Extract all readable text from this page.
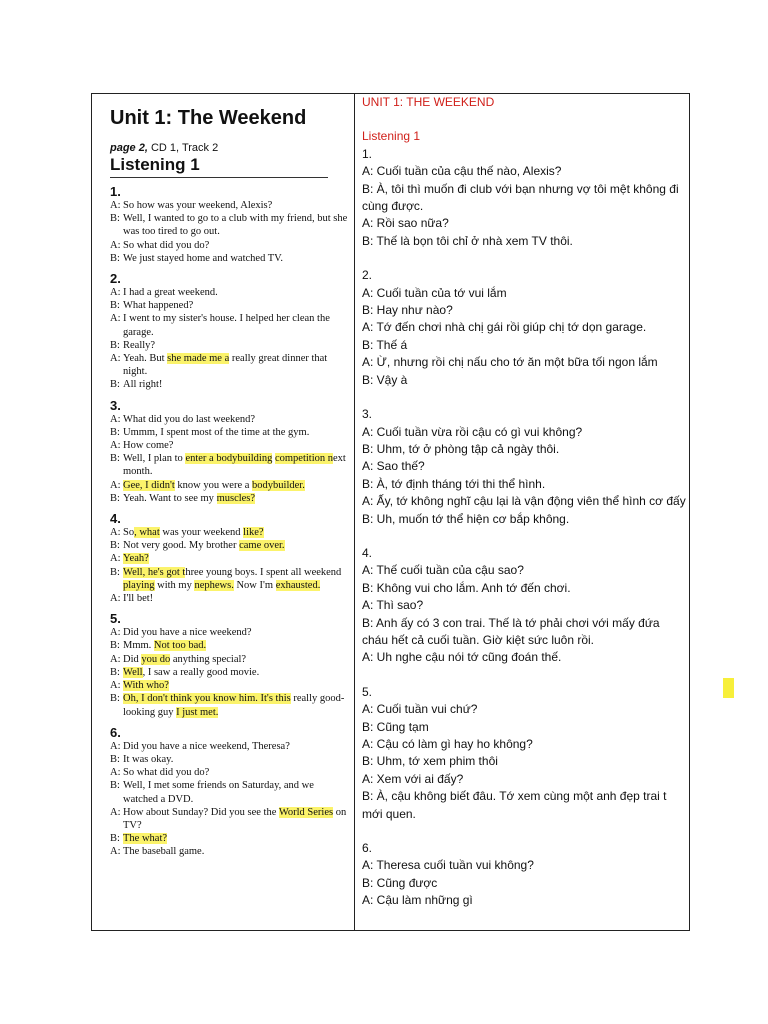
Unit 1: The Weekend
page 2, CD 1, Track 2
Listening 1
1.
A: So how was your weekend, Alexis?
B: Well, I wanted to go to a club with my friend, but she was too tired to go out.
A: So what did you do?
B: We just stayed home and watched TV.
2.
A: I had a great weekend.
B: What happened?
A: I went to my sister's house. I helped her clean the garage.
B: Really?
A: Yeah. But she made me a really great dinner that night.
B: All right!
3.
A: What did you do last weekend?
B: Ummm, I spent most of the time at the gym.
A: How come?
B: Well, I plan to enter a bodybuilding competition next month.
A: Gee, I didn't know you were a bodybuilder.
B: Yeah. Want to see my muscles?
4.
A: So, what was your weekend like?
B: Not very good. My brother came over.
A: Yeah?
B: Well, he's got three young boys. I spent all weekend playing with my nephews. Now I'm exhausted.
A: I'll bet!
5.
A: Did you have a nice weekend?
B: Mmm. Not too bad.
A: Did you do anything special?
B: Well, I saw a really good movie.
A: With who?
B: Oh, I don't think you know him. It's this really good-looking guy I just met.
6.
A: Did you have a nice weekend, Theresa?
B: It was okay.
A: So what did you do?
B: Well, I met some friends on Saturday, and we watched a DVD.
A: How about Sunday? Did you see the World Series on TV?
B: The what?
A: The baseball game.
UNIT 1: THE WEEKEND
Listening 1
1.
A: Cuối tuần của cậu thế nào, Alexis?
B: À, tôi thì muốn đi club với bạn nhưng vợ tôi mệt không đi cùng được.
A: Rồi sao nữa?
B: Thế là bọn tôi chỉ ở nhà xem TV thôi.
2.
A: Cuối tuần của tớ vui lắm
B: Hay như nào?
A: Tớ đến chơi nhà chị gái rồi giúp chị tớ dọn garage.
B: Thế á
A: Ừ, nhưng rồi chị nấu cho tớ ăn một bữa tối ngon lắm
B: Vậy à
3.
A: Cuối tuần vừa rồi cậu có gì vui không?
B: Uhm, tớ ở phòng tập cả ngày thôi.
A: Sao thế?
B: À, tớ định tháng tới thi thể hình.
A: Ấy, tớ không nghĩ cậu lại là vận động viên thể hình cơ đấy
B: Uh, muốn tớ thể hiện cơ bắp không.
4.
A: Thế cuối tuần của cậu sao?
B: Không vui cho lắm. Anh tớ đến chơi.
A: Thì sao?
B: Anh ấy có 3 con trai. Thế là tớ phải chơi với mấy đứa cháu hết cả cuối tuần. Giờ kiệt sức luôn rồi.
A: Uh nghe cậu nói tớ cũng đoán thế.
5.
A: Cuối tuần vui chứ?
B: Cũng tạm
A: Cậu có làm gì hay ho không?
B: Uhm, tớ xem phim thôi
A: Xem với ai đấy?
B: À, cậu không biết đâu. Tớ xem cùng một anh đẹp trai t mới quen.
6.
A: Theresa cuối tuần vui không?
B: Cũng được
A: Cậu làm những gì
